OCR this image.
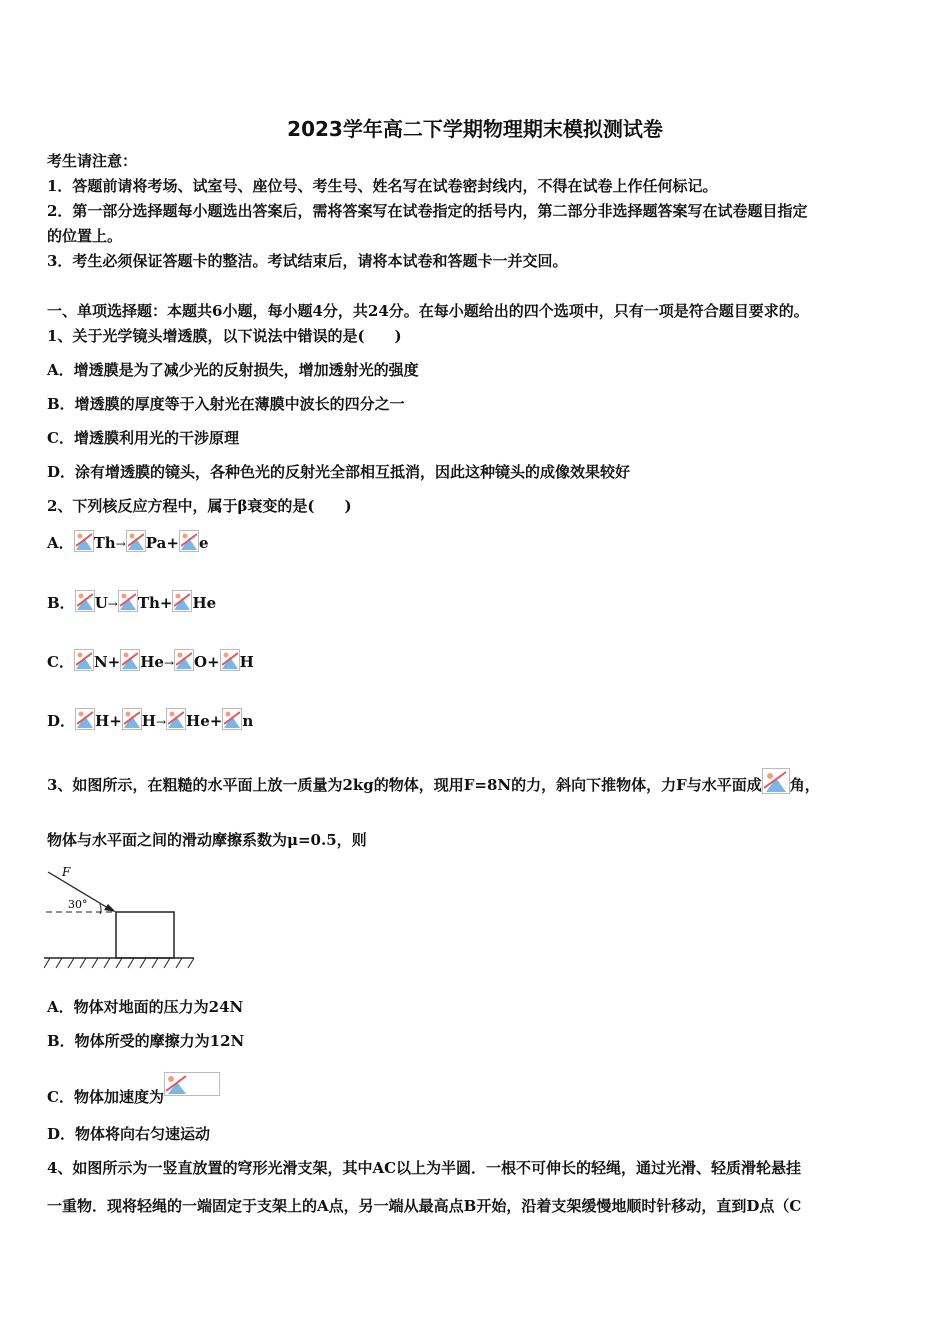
2023学年高二下学期物理期末模拟测试卷
考生请注意：
1．答题前请将考场、试室号、座位号、考生号、姓名写在试卷密封线内，不得在试卷上作任何标记。
2．第一部分选择题每小题选出答案后，需将答案写在试卷指定的括号内，第二部分非选择题答案写在试卷题目指定
的位置上。
3．考生必须保证答题卡的整洁。考试结束后，请将本试卷和答题卡一并交回。
一、单项选择题：本题共6小题，每小题4分，共24分。在每小题给出的四个选项中，只有一项是符合题目要求的。
1、关于光学镜头增透膜，以下说法中错误的是(　　)
A．增透膜是为了减少光的反射损失，增加透射光的强度
B．增透膜的厚度等于入射光在薄膜中波长的四分之一
C．增透膜利用光的干涉原理
D．涂有增透膜的镜头，各种色光的反射光全部相互抵消，因此这种镜头的成像效果较好
2、下列核反应方程中，属于β衰变的是(　　)
A． Th→ Pa+ e
B． U→ Th+ He
C． N+ He→ O+ H
D． H+ H→ He+ n
3、如图所示，在粗糙的水平面上放一质量为2kg的物体，现用F=8N的力，斜向下推物体，力F与水平面成 角，
物体与水平面之间的滑动摩擦系数为μ=0.5，则
F
30°
A．物体对地面的压力为24N
B．物体所受的摩擦力为12N
C．物体加速度为
D．物体将向右匀速运动
4、如图所示为一竖直放置的穹形光滑支架，其中AC以上为半圆．一根不可伸长的轻绳，通过光滑、轻质滑轮悬挂
一重物．现将轻绳的一端固定于支架上的A点，另一端从最高点B开始，沿着支架缓慢地顺时针移动，直到D点（C
